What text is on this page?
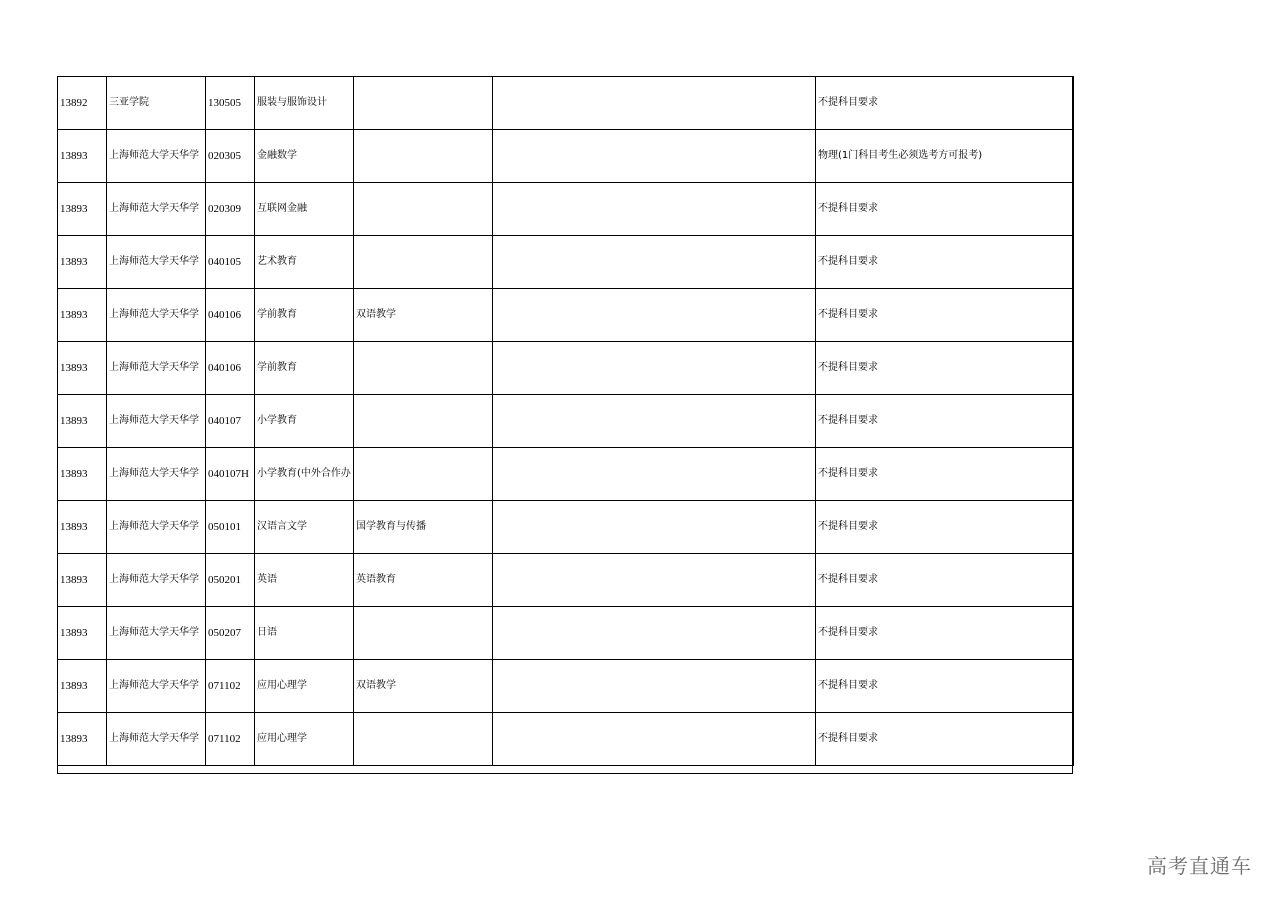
13892	三亚学院	130505	服装与服饰设计			不提科目要求
13893	上海师范大学天华学	020305	金融数学			物理(1门科目考生必须选考方可报考)
13893	上海师范大学天华学	020309	互联网金融			不提科目要求
13893	上海师范大学天华学	040105	艺术教育			不提科目要求
13893	上海师范大学天华学	040106	学前教育	双语教学		不提科目要求
13893	上海师范大学天华学	040106	学前教育			不提科目要求
13893	上海师范大学天华学	040107	小学教育			不提科目要求
13893	上海师范大学天华学	040107H	小学教育(中外合作办			不提科目要求
13893	上海师范大学天华学	050101	汉语言文学	国学教育与传播		不提科目要求
13893	上海师范大学天华学	050201	英语	英语教育		不提科目要求
13893	上海师范大学天华学	050207	日语			不提科目要求
13893	上海师范大学天华学	071102	应用心理学	双语教学		不提科目要求
13893	上海师范大学天华学	071102	应用心理学			不提科目要求
高考直通车
